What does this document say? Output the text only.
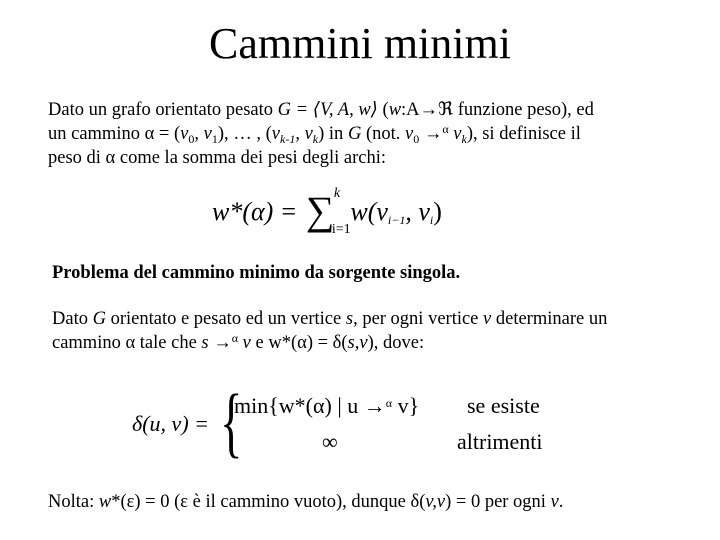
Cammini minimi
Dato un grafo orientato pesato G = ⟨V, A, w⟩ (w:A→ℜ funzione peso), ed
un cammino $\alpha = (v_0$, $v_1$), … , ($v_{k-1}$, $v_k$) in G (not. $v_0 \to^\alpha$ $v_k$), si definisce il
peso di α come la somma dei pesi degli archi:
w*(α) = ∑ k
i=1
$w(v_{i-1}$, $v_i$)
Problema del cammino minimo da sorgente singola.
Dato G orientato e pesato ed un vertice s, per ogni vertice v determinare un
cammino α tale che s →$^\alpha$ v e w*(α) = δ(s,v), dove:
δ(u, v) = {
min{w*(α) | u →$^\alpha$ v}
∞
se esiste
altrimenti
Nolta: w*(ε) = 0 (ε è il cammino vuoto), dunque δ(v,v) = 0 per ogni v.
